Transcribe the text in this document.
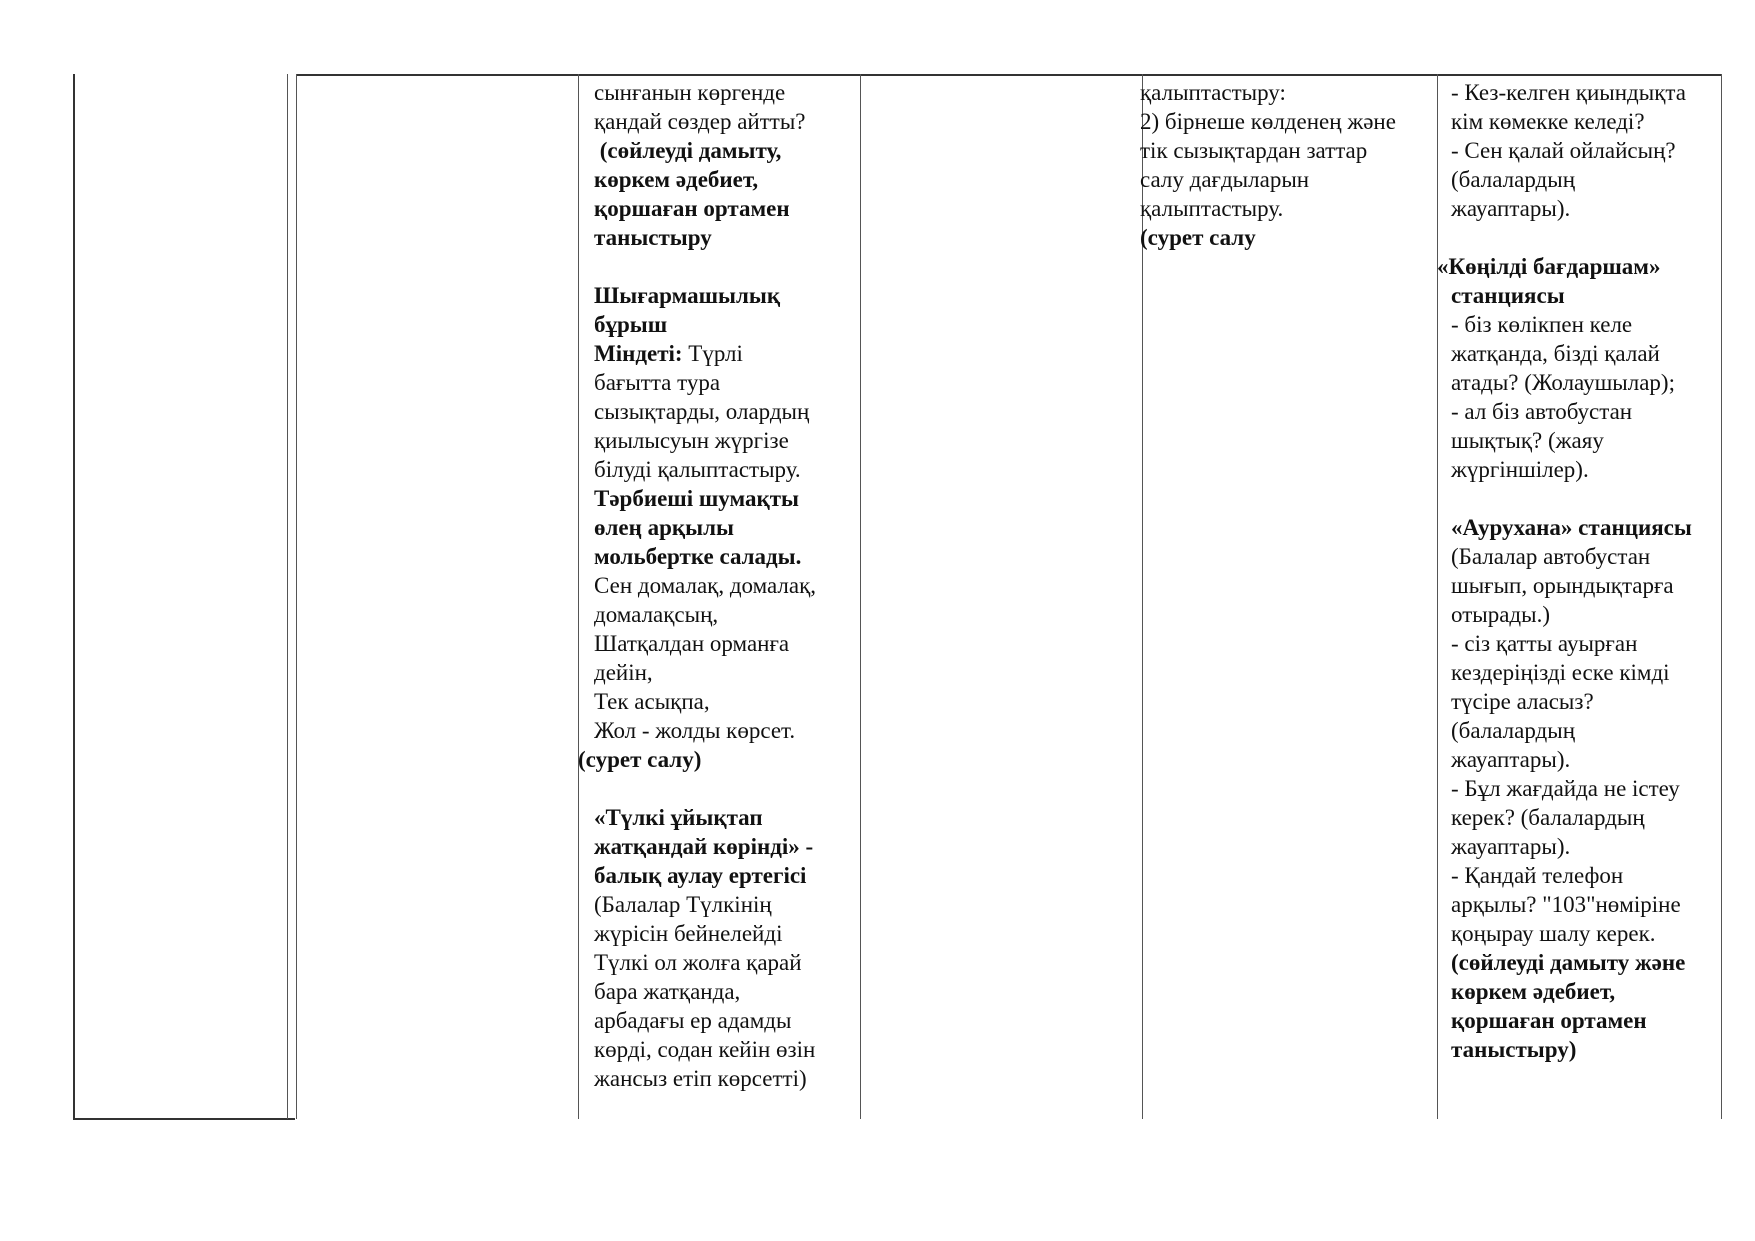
сынғанын көргенде

қандай сөздер айтты?

(сөйлеуді дамыту,

көркем әдебиет,

қоршаған ортамен

таныстыру

Шығармашылық

бұрыш

Міндеті: Түрлі

бағытта тура

сызықтарды, олардың

қиылысуын жүргізе

білуді қалыптастыру.

Тәрбиеші шумақты

өлең арқылы

мольбертке салады.

Сен домалақ, домалақ,

домалақсың,

Шатқалдан орманға

дейін,

Тек асықпа,

Жол - жолды көрсет.

(сурет салу)

«Түлкі ұйықтап

жатқандай көрінді» -

балық аулау ертегісі

(Балалар Түлкінің

жүрісін бейнелейді

Түлкі ол жолға қарай

бара жатқанда,

арбадағы ер адамды

көрді, содан кейін өзін

жансыз етіп көрсетті)

қалыптастыру:

2) бірнеше көлденең және

тік сызықтардан заттар

салу дағдыларын

қалыптастыру.

(сурет салу

- Кез-келген қиындықта

кім көмекке келеді?

- Сен қалай ойлайсың?

(балалардың

жауаптары).

«Көңілді бағдаршам»

станциясы

- біз көлікпен келе

жатқанда, бізді қалай

атады? (Жолаушылар);

- ал біз автобустан

шықтық? (жаяу

жүргіншілер).

«Аурухана» станциясы

(Балалар автобустан

шығып, орындықтарға

отырады.)

- сіз қатты ауырған

кездеріңізді еске кімді

түсіре аласыз?

(балалардың

жауаптары).

- Бұл жағдайда не істеу

керек? (балалардың

жауаптары).

- Қандай телефон

арқылы? "103"нөміріне

қоңырау шалу керек.

(сөйлеуді дамыту және

көркем әдебиет,

қоршаған ортамен

таныстыру)
